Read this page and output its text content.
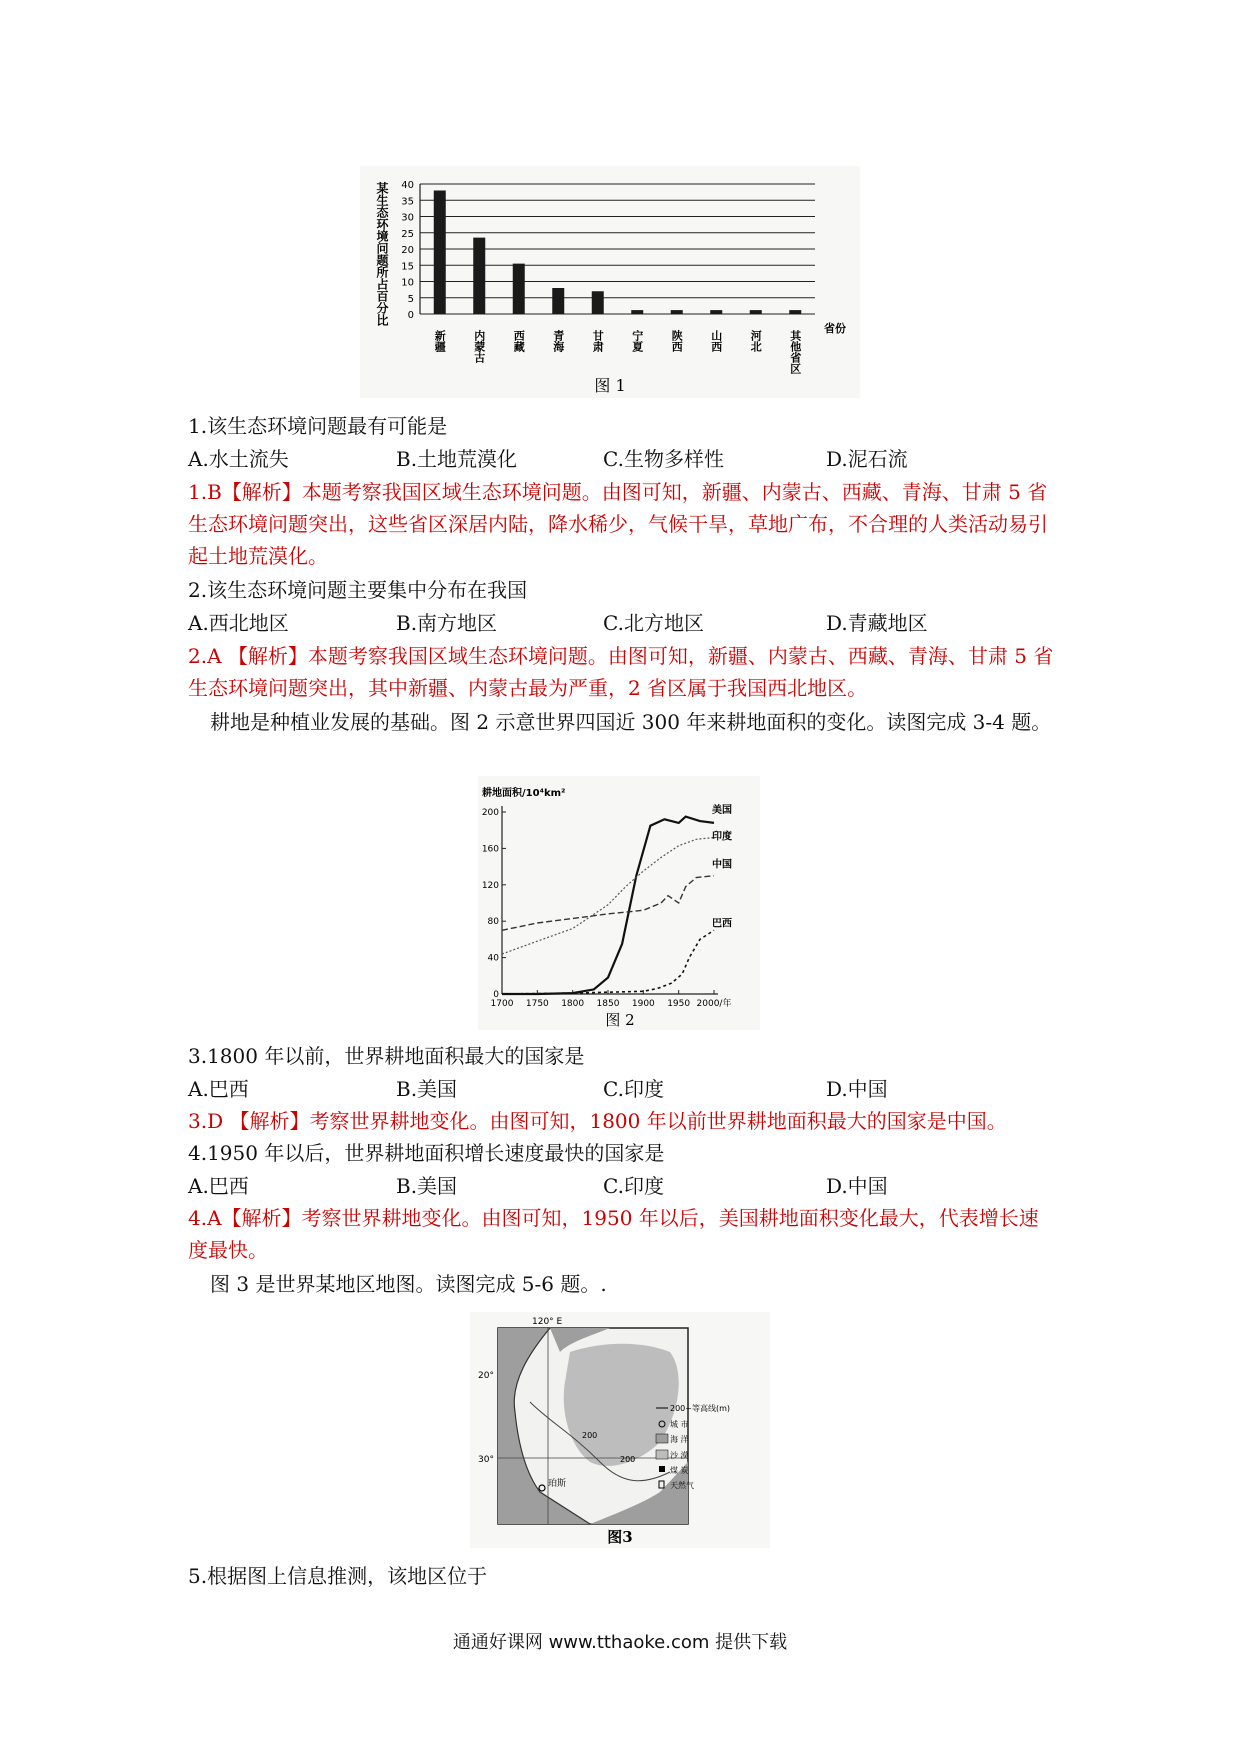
某生态环境问题所占百分比
省份
图 1
0
5
10
15
20
25
30
35
40
新疆 内蒙古 西藏 青海 甘肃 宁夏 陕西 山西 河北 其他省区

1.该生态环境问题最有可能是

A.水土流失	B.土地荒漠化	C.生物多样性	D.泥石流

1.B【解析】本题考察我国区域生态环境问题。由图可知，新疆、内蒙古、西藏、青海、甘肃 5 省生态环境问题突出，这些省区深居内陆，降水稀少，气候干旱，草地广布，不合理的人类活动易引起土地荒漠化。

2.该生态环境问题主要集中分布在我国

A.西北地区	B.南方地区	C.北方地区	D.青藏地区

2.A 【解析】本题考察我国区域生态环境问题。由图可知，新疆、内蒙古、西藏、青海、甘肃 5 省生态环境问题突出，其中新疆、内蒙古最为严重，2 省区属于我国西北地区。

耕地是种植业发展的基础。图 2 示意世界四国近 300 年来耕地面积的变化。读图完成 3-4 题。

耕地面积/10⁴km²
图 2
0
40
80
120
160
200
1700 1750 1800 1850 1900 1950 2000/年
美国
印度
中国
巴西

3.1800 年以前，世界耕地面积最大的国家是

A.巴西	B.美国	C.印度	D.中国

3.D 【解析】考察世界耕地变化。由图可知，1800 年以前世界耕地面积最大的国家是中国。

4.1950 年以后，世界耕地面积增长速度最快的国家是

A.巴西	B.美国	C.印度	D.中国

4.A【解析】考察世界耕地变化。由图可知，1950 年以后，美国耕地面积变化最大，代表增长速度最快。

图 3 是世界某地区地图。读图完成 5-6 题。.

120° E
20°
30°
珀斯
200
200
200~等高线(m)
城 市
海 洋
沙 漠
煤 炭
天然气
图3

5.根据图上信息推测，该地区位于

通通好课网 www.tthaoke.com 提供下载
